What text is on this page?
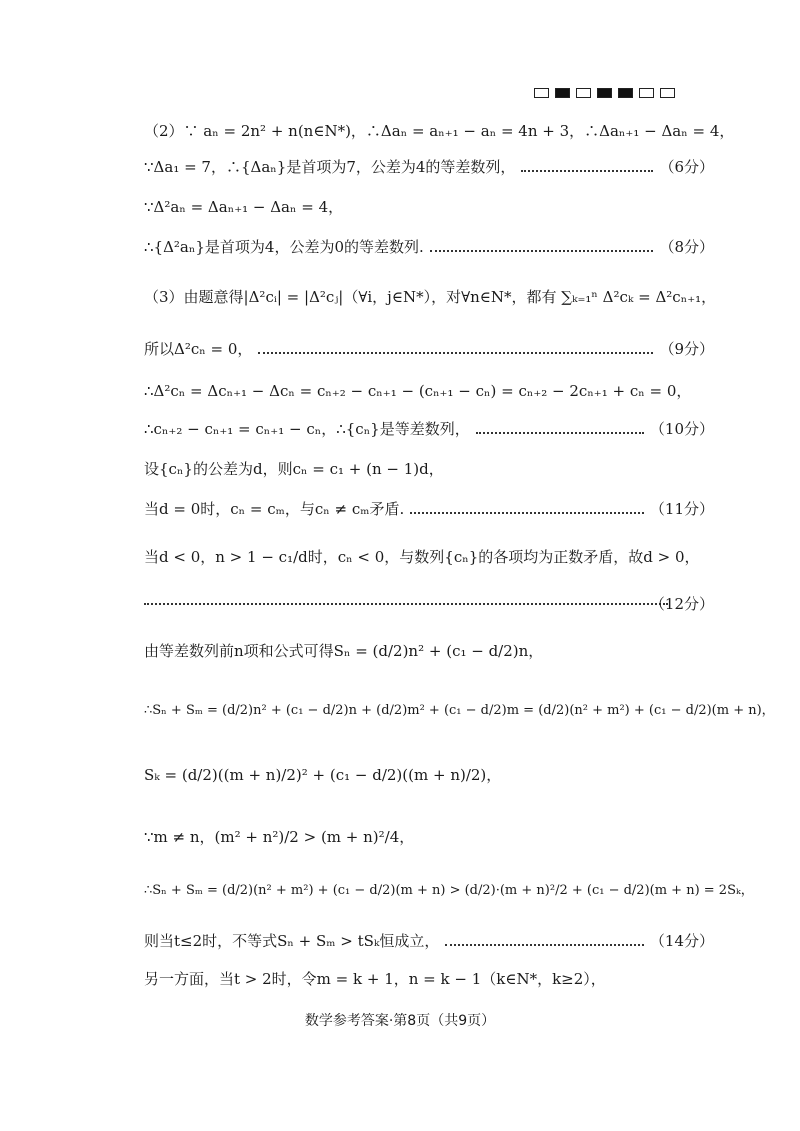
（2）∵ aₙ = 2n² + n(n∈N*)，∴Δaₙ = aₙ₊₁ − aₙ = 4n + 3，∴Δaₙ₊₁ − Δaₙ = 4，
∵Δa₁ = 7，∴{Δaₙ}是首项为7，公差为4的等差数列，	（6分）
∵Δ²aₙ = Δaₙ₊₁ − Δaₙ = 4，
∴{Δ²aₙ}是首项为4，公差为0的等差数列.	（8分）
（3）由题意得|Δ²cᵢ| = |Δ²cⱼ|（∀i，j∈N*），对∀n∈N*，都有 ∑ₖ₌₁ⁿ Δ²cₖ = Δ²cₙ₊₁，
所以Δ²cₙ = 0，	（9分）
∴Δ²cₙ = Δcₙ₊₁ − Δcₙ = cₙ₊₂ − cₙ₊₁ − (cₙ₊₁ − cₙ) = cₙ₊₂ − 2cₙ₊₁ + cₙ = 0，
∴cₙ₊₂ − cₙ₊₁ = cₙ₊₁ − cₙ，∴{cₙ}是等差数列，	（10分）
设{cₙ}的公差为d，则cₙ = c₁ + (n − 1)d，
当d = 0时，cₙ = cₘ，与cₙ ≠ cₘ矛盾.	（11分）
当d < 0，n > 1 − c₁/d时，cₙ < 0，与数列{cₙ}的各项均为正数矛盾，故d > 0，
（12分）
由等差数列前n项和公式可得Sₙ = (d/2)n² + (c₁ − d/2)n，
∴Sₙ + Sₘ = (d/2)n² + (c₁ − d/2)n + (d/2)m² + (c₁ − d/2)m = (d/2)(n² + m²) + (c₁ − d/2)(m + n)，
Sₖ = (d/2)((m + n)/2)² + (c₁ − d/2)((m + n)/2)，
∵m ≠ n，(m² + n²)/2 > (m + n)²/4，
∴Sₙ + Sₘ = (d/2)(n² + m²) + (c₁ − d/2)(m + n) > (d/2)·(m + n)²/2 + (c₁ − d/2)(m + n) = 2Sₖ，
则当t≤2时，不等式Sₙ + Sₘ > tSₖ恒成立，	（14分）
另一方面，当t > 2时，令m = k + 1，n = k − 1（k∈N*，k≥2），
数学参考答案·第8页（共9页）
